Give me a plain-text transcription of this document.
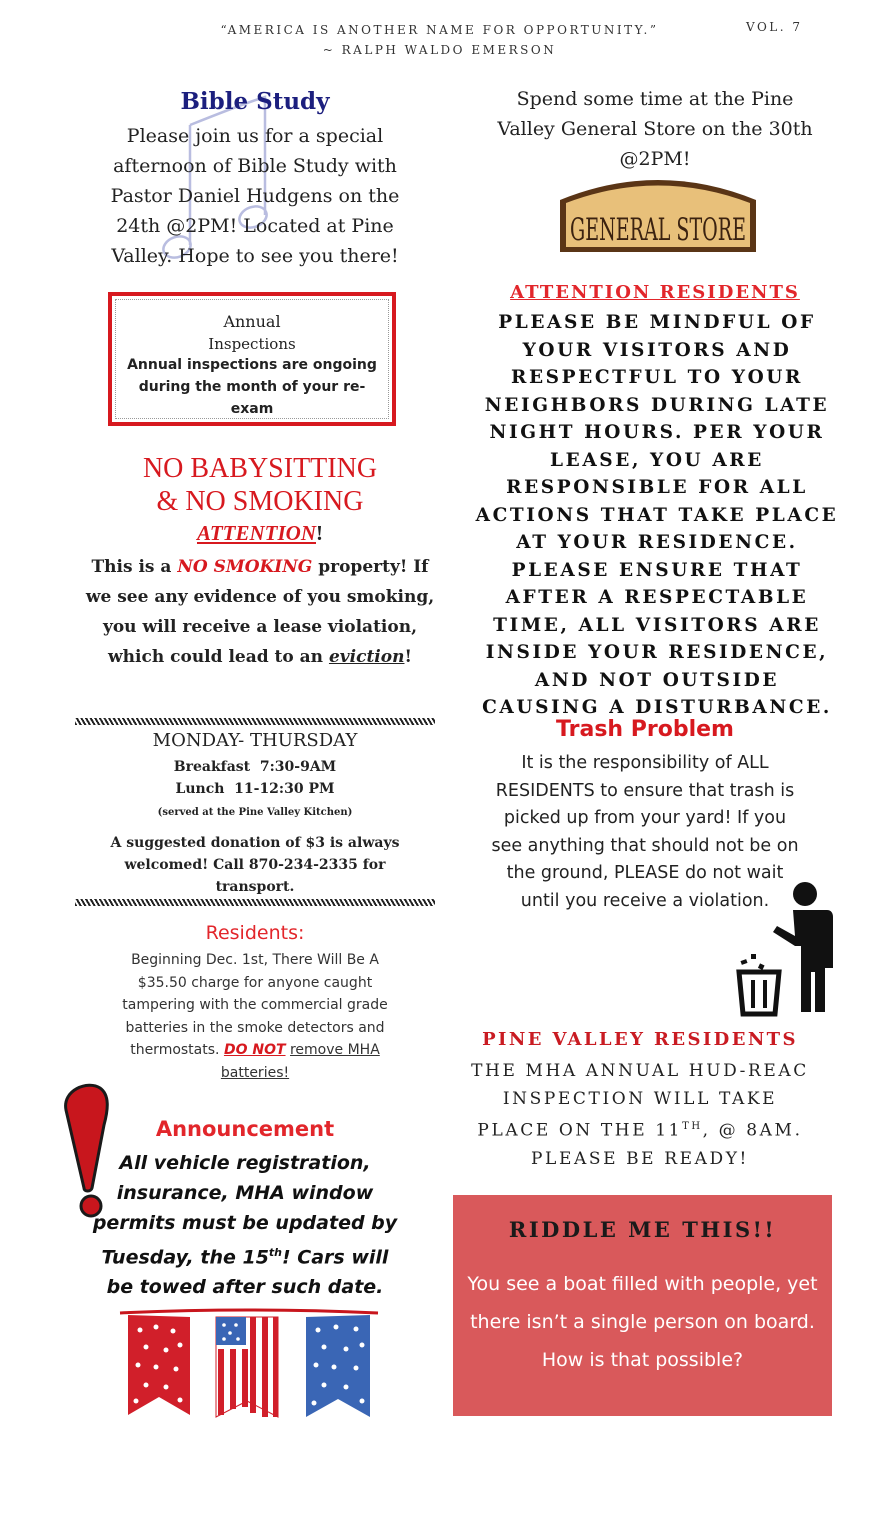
“AMERICA IS ANOTHER NAME FOR OPPORTUNITY.”
~ RALPH WALDO EMERSON
VOL. 7
Bible Study
Please join us for a special afternoon of Bible Study with Pastor Daniel Hudgens on the 24th @2PM! Located at Pine Valley. Hope to see you there!
Annual
Inspections
Annual inspections are ongoing during the month of your re-exam
NO BABYSITTING
& NO SMOKING
ATTENTION!
This is a NO SMOKING property! If we see any evidence of you smoking, you will receive a lease violation, which could lead to an eviction!
MONDAY- THURSDAY
Breakfast  7:30-9AM
Lunch  11-12:30 PM
(served at the Pine Valley Kitchen)
A suggested donation of $3 is always welcomed! Call 870-234-2335 for transport.
Residents:
Beginning Dec. 1st, There Will Be A $35.50 charge for anyone caught tampering with the commercial grade batteries in the smoke detectors and thermostats. DO NOT remove MHA batteries!
Announcement
All vehicle registration, insurance, MHA window permits must be updated by Tuesday, the 15th! Cars will be towed after such date.
Spend some time at the Pine Valley General Store on the 30th @2PM!
GENERAL STORE
ATTENTION RESIDENTS
PLEASE BE MINDFUL OF YOUR VISITORS AND RESPECTFUL TO YOUR NEIGHBORS DURING LATE NIGHT HOURS. PER YOUR LEASE, YOU ARE RESPONSIBLE FOR ALL ACTIONS THAT TAKE PLACE AT YOUR RESIDENCE. PLEASE ENSURE THAT AFTER A RESPECTABLE TIME, ALL VISITORS ARE INSIDE YOUR RESIDENCE, AND NOT OUTSIDE CAUSING A DISTURBANCE.
Trash Problem
It is the responsibility of ALL RESIDENTS to ensure that trash is picked up from your yard! If you see anything that should not be on the ground, PLEASE do not wait until you receive a violation.
PINE VALLEY RESIDENTS
THE MHA ANNUAL HUD-REAC INSPECTION WILL TAKE PLACE ON THE 11TH, @ 8AM. PLEASE BE READY!
RIDDLE ME THIS!!
You see a boat filled with people, yet there isn’t a single person on board. How is that possible?
